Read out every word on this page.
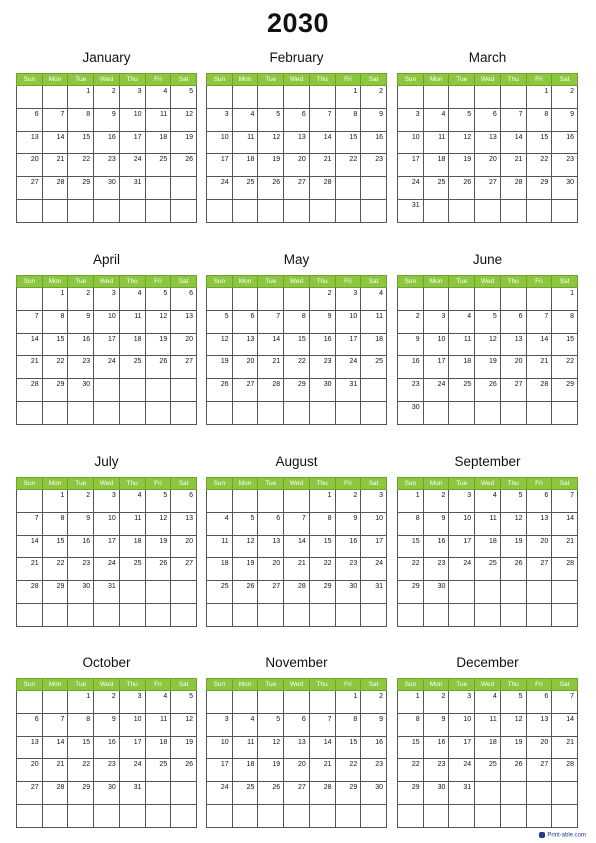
2030
January
Sun	Mon	Tue	Wed	Thu	Fri	Sat

		1	2	3	4	5

6	7	8	9	10	11	12

13	14	15	16	17	18	19

20	21	22	23	24	25	26

27	28	29	30	31		

February
Sun	Mon	Tue	Wed	Thu	Fri	Sat

					1	2

3	4	5	6	7	8	9

10	11	12	13	14	15	16

17	18	19	20	21	22	23

24	25	26	27	28		

March
Sun	Mon	Tue	Wed	Thu	Fri	Sat

					1	2

3	4	5	6	7	8	9

10	11	12	13	14	15	16

17	18	19	20	21	22	23

24	25	26	27	28	29	30

31						

April
Sun	Mon	Tue	Wed	Thu	Fri	Sat

	1	2	3	4	5	6

7	8	9	10	11	12	13

14	15	16	17	18	19	20

21	22	23	24	25	26	27

28	29	30				

May
Sun	Mon	Tue	Wed	Thu	Fri	Sat

				2	3	4

5	6	7	8	9	10	11

12	13	14	15	16	17	18

19	20	21	22	23	24	25

26	27	28	29	30	31	

June
Sun	Mon	Tue	Wed	Thu	Fri	Sat

						1

2	3	4	5	6	7	8

9	10	11	12	13	14	15

16	17	18	19	20	21	22

23	24	25	26	27	28	29

30						

July
Sun	Mon	Tue	Wed	Thu	Fri	Sat

	1	2	3	4	5	6

7	8	9	10	11	12	13

14	15	16	17	18	19	20

21	22	23	24	25	26	27

28	29	30	31			

August
Sun	Mon	Tue	Wed	Thu	Fri	Sat

				1	2	3

4	5	6	7	8	9	10

11	12	13	14	15	16	17

18	19	20	21	22	23	24

25	26	27	28	29	30	31

September
Sun	Mon	Tue	Wed	Thu	Fri	Sat

1	2	3	4	5	6	7

8	9	10	11	12	13	14

15	16	17	18	19	20	21

22	23	24	25	26	27	28

29	30					

October
Sun	Mon	Tue	Wed	Thu	Fri	Sat

		1	2	3	4	5

6	7	8	9	10	11	12

13	14	15	16	17	18	19

20	21	22	23	24	25	26

27	28	29	30	31		

November
Sun	Mon	Tue	Wed	Thu	Fri	Sat

					1	2

3	4	5	6	7	8	9

10	11	12	13	14	15	16

17	18	19	20	21	22	23

24	25	26	27	28	29	30

December
Sun	Mon	Tue	Wed	Thu	Fri	Sat

1	2	3	4	5	6	7

8	9	10	11	12	13	14

15	16	17	18	19	20	21

22	23	24	25	26	27	28

29	30	31				

Print-able.com
